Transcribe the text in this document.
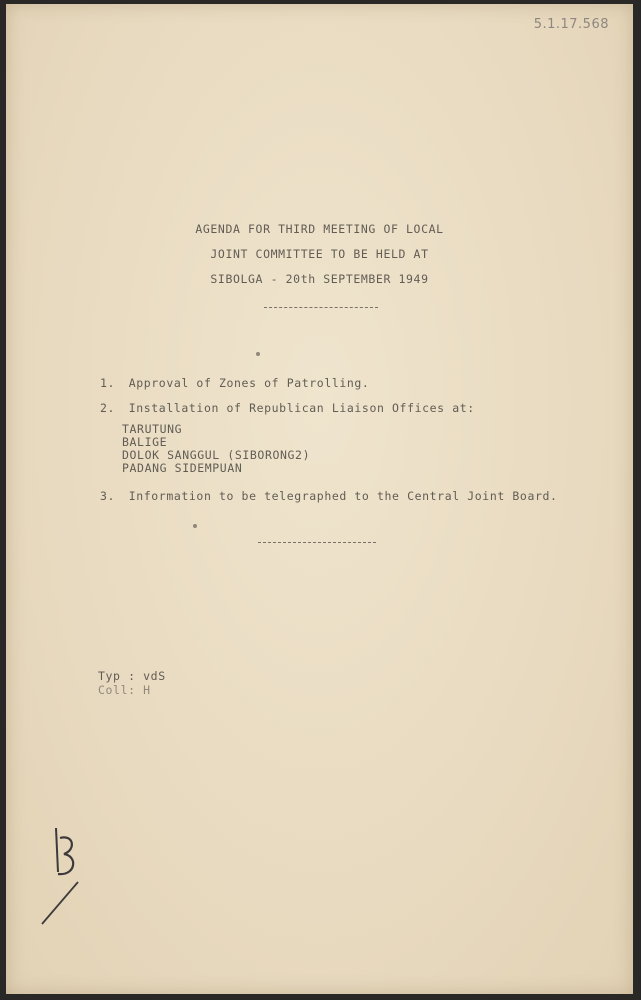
5.1.17.568
AGENDA FOR THIRD MEETING OF LOCAL
JOINT COMMITTEE TO BE HELD AT
SIBOLGA - 20th SEPTEMBER 1949
1. Approval of Zones of Patrolling.
2. Installation of Republican Liaison Offices at:
TARUTUNG
BALIGE
DOLOK SANGGUL (SIBORONG2)
PADANG SIDEMPUAN
3. Information to be telegraphed to the Central Joint Board.
Typ : vdS
Coll: H
